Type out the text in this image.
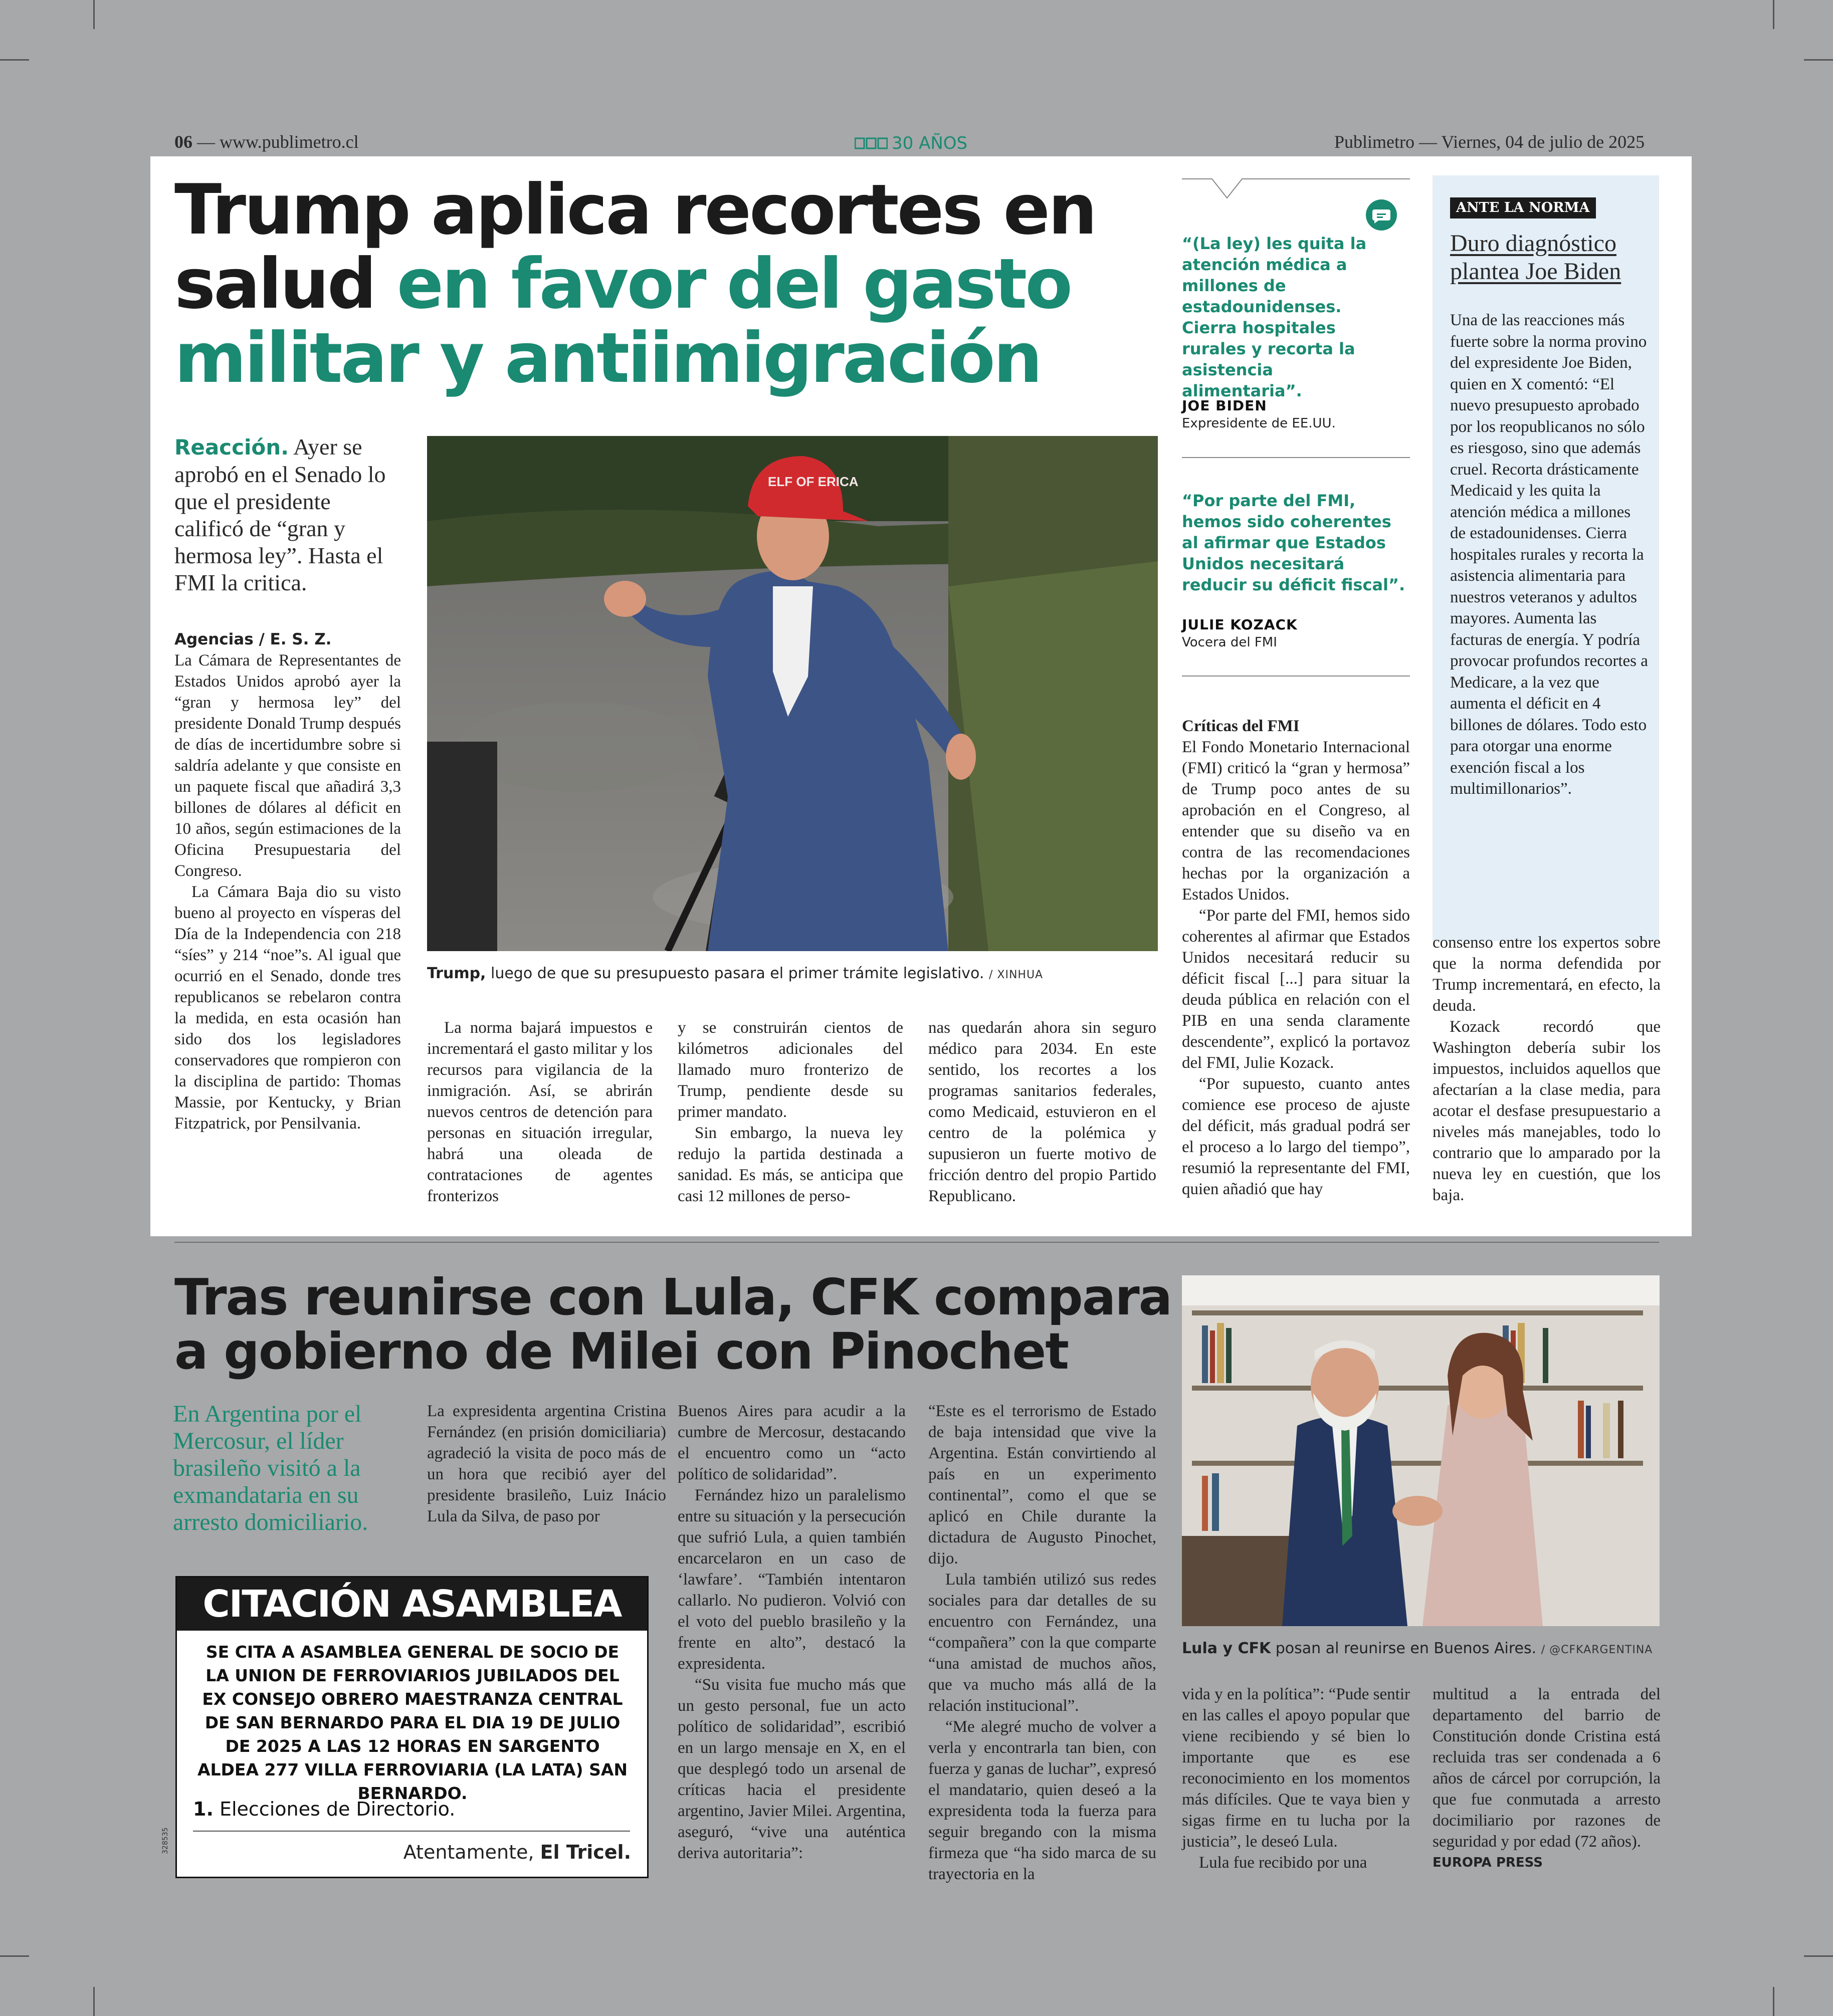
06 — www.publimetro.cl	30 AÑOS	Publimetro — Viernes, 04 de julio de 2025
Trump aplica recortes en salud en favor del gasto militar y antiimigración
Reacción. Ayer se aprobó en el Senado lo que el presidente calificó de “gran y hermosa ley”. Hasta el FMI la critica.

Agencias / E. S. Z.

La Cámara de Representantes de Estados Unidos aprobó ayer la “gran y hermosa ley” del presidente Donald Trump después de días de incertidumbre sobre si saldría adelante y que consiste en un paquete fiscal que añadirá 3,3 billones de dólares al déficit en 10 años, según estimaciones de la Oficina Presupuestaria del Congreso.

La Cámara Baja dio su visto bueno al proyecto en vísperas del Día de la Independencia con 218 “síes” y 214 “noe”s. Al igual que ocurrió en el Senado, donde tres republicanos se rebelaron contra la medida, en esta ocasión han sido dos los legisladores conservadores que rompieron con la disciplina de partido: Thomas Massie, por Kentucky, y Brian Fitzpatrick, por Pensilvania.

ELF OF ERICA
Trump, luego de que su presupuesto pasara el primer trámite legislativo. / XINHUA

La norma bajará impuestos e incrementará el gasto militar y los recursos para vigilancia de la inmigración. Así, se abrirán nuevos centros de detención para personas en situación irregular, habrá una oleada de contrataciones de agentes fronterizos

y se construirán cientos de kilómetros adicionales del llamado muro fronterizo de Trump, pendiente desde su primer mandato.

Sin embargo, la nueva ley redujo la partida destinada a sanidad. Es más, se anticipa que casi 12 millones de perso-

nas quedarán ahora sin seguro médico para 2034. En este sentido, los recortes a los programas sanitarios federales, como Medicaid, estuvieron en el centro de la polémica y supusieron un fuerte motivo de fricción dentro del propio Partido Republicano.

“(La ley) les quita la atención médica a millones de estadounidenses. Cierra hospitales rurales y recorta la asistencia alimentaria”.
JOE BIDEN
Expresidente de EE.UU.
“Por parte del FMI, hemos sido coherentes al afirmar que Estados Unidos necesitará reducir su déficit fiscal”.
JULIE KOZACK
Vocera del FMI

Críticas del FMI

El Fondo Monetario Internacional (FMI) criticó la “gran y hermosa” de Trump poco antes de su aprobación en el Congreso, al entender que su diseño va en contra de las recomendaciones hechas por la organización a Estados Unidos.

“Por parte del FMI, hemos sido coherentes al afirmar que Estados Unidos necesitará reducir su déficit fiscal [...] para situar la deuda pública en relación con el PIB en una senda claramente descendente”, explicó la portavoz del FMI, Julie Kozack.

“Por supuesto, cuanto antes comience ese proceso de ajuste del déficit, más gradual podrá ser el proceso a lo largo del tiempo”, resumió la representante del FMI, quien añadió que hay

ANTE LA NORMA
Duro diagnóstico plantea Joe Biden
Una de las reacciones más fuerte sobre la norma provino del expresidente Joe Biden, quien en X comentó: “El nuevo presupuesto aprobado por los reopublicanos no sólo es riesgoso, sino que además cruel. Recorta drásticamente Medicaid y les quita la atención médica a millones de estadounidenses. Cierra hospitales rurales y recorta la asistencia alimentaria para nuestros veteranos y adultos mayores. Aumenta las facturas de energía. Y podría provocar profundos recortes a Medicare, a la vez que aumenta el déficit en 4 billones de dólares. Todo esto para otorgar una enorme exención fiscal a los multimillonarios”.

consenso entre los expertos sobre que la norma defendida por Trump incrementará, en efecto, la deuda.

Kozack recordó que Washington debería subir los impuestos, incluidos aquellos que afectarían a la clase media, para acotar el desfase presupuestario a niveles más manejables, todo lo contrario que lo amparado por la nueva ley en cuestión, que los baja.

Tras reunirse con Lula, CFK compara a gobierno de Milei con Pinochet
En Argentina por el Mercosur, el líder brasileño visitó a la exmandataria en su arresto domiciliario.

La expresidenta argentina Cristina Fernández (en prisión domiciliaria) agradeció la visita de poco más de un hora que recibió ayer del presidente brasileño, Luiz Inácio Lula da Silva, de paso por

Buenos Aires para acudir a la cumbre de Mercosur, destacando el encuentro como un “acto político de solidaridad”.

Fernández hizo un paralelismo entre su situación y la persecución que sufrió Lula, a quien también encarcelaron en un caso de ‘lawfare’. “También intentaron callarlo. No pudieron. Volvió con el voto del pueblo brasileño y la frente en alto”, destacó la expresidenta.

“Su visita fue mucho más que un gesto personal, fue un acto político de solidaridad”, escribió en un largo mensaje en X, en el que desplegó todo un arsenal de críticas hacia el presidente argentino, Javier Milei. Argentina, aseguró, “vive una auténtica deriva autoritaria”:

“Este es el terrorismo de Estado de baja intensidad que vive la Argentina. Están convirtiendo al país en un experimento continental”, como el que se aplicó en Chile durante la dictadura de Augusto Pinochet, dijo.

Lula también utilizó sus redes sociales para dar detalles de su encuentro con Fernández, una “compañera” con la que comparte “una amistad de muchos años, que va mucho más allá de la relación institucional”.

“Me alegré mucho de volver a verla y encontrarla tan bien, con fuerza y ganas de luchar”, expresó el mandatario, quien deseó a la expresidenta toda la fuerza para seguir bregando con la misma firmeza que “ha sido marca de su trayectoria en la

Lula y CFK posan al reunirse en Buenos Aires. / @CFKARGENTINA

vida y en la política”: “Pude sentir en las calles el apoyo popular que viene recibiendo y sé bien lo importante que es ese reconocimiento en los momentos más difíciles. Que te vaya bien y sigas firme en tu lucha por la justicia”, le deseó Lula.

Lula fue recibido por una

multitud a la entrada del departamento del barrio de Constitución donde Cristina está recluida tras ser condenada a 6 años de cárcel por corrupción, la que fue conmutada a arresto docimiliario por razones de seguridad y por edad (72 años).

EUROPA PRESS

CITACIÓN ASAMBLEA
SE CITA A ASAMBLEA GENERAL DE SOCIO DE LA UNION DE FERROVIARIOS JUBILADOS DEL EX CONSEJO OBRERO MAESTRANZA CENTRAL DE SAN BERNARDO PARA EL DIA 19 DE JULIO DE 2025 A LAS 12 HORAS EN SARGENTO ALDEA 277 VILLA FERROVIARIA (LA LATA) SAN BERNARDO.
1. Elecciones de Directorio.
Atentamente, El Tricel.
328535
